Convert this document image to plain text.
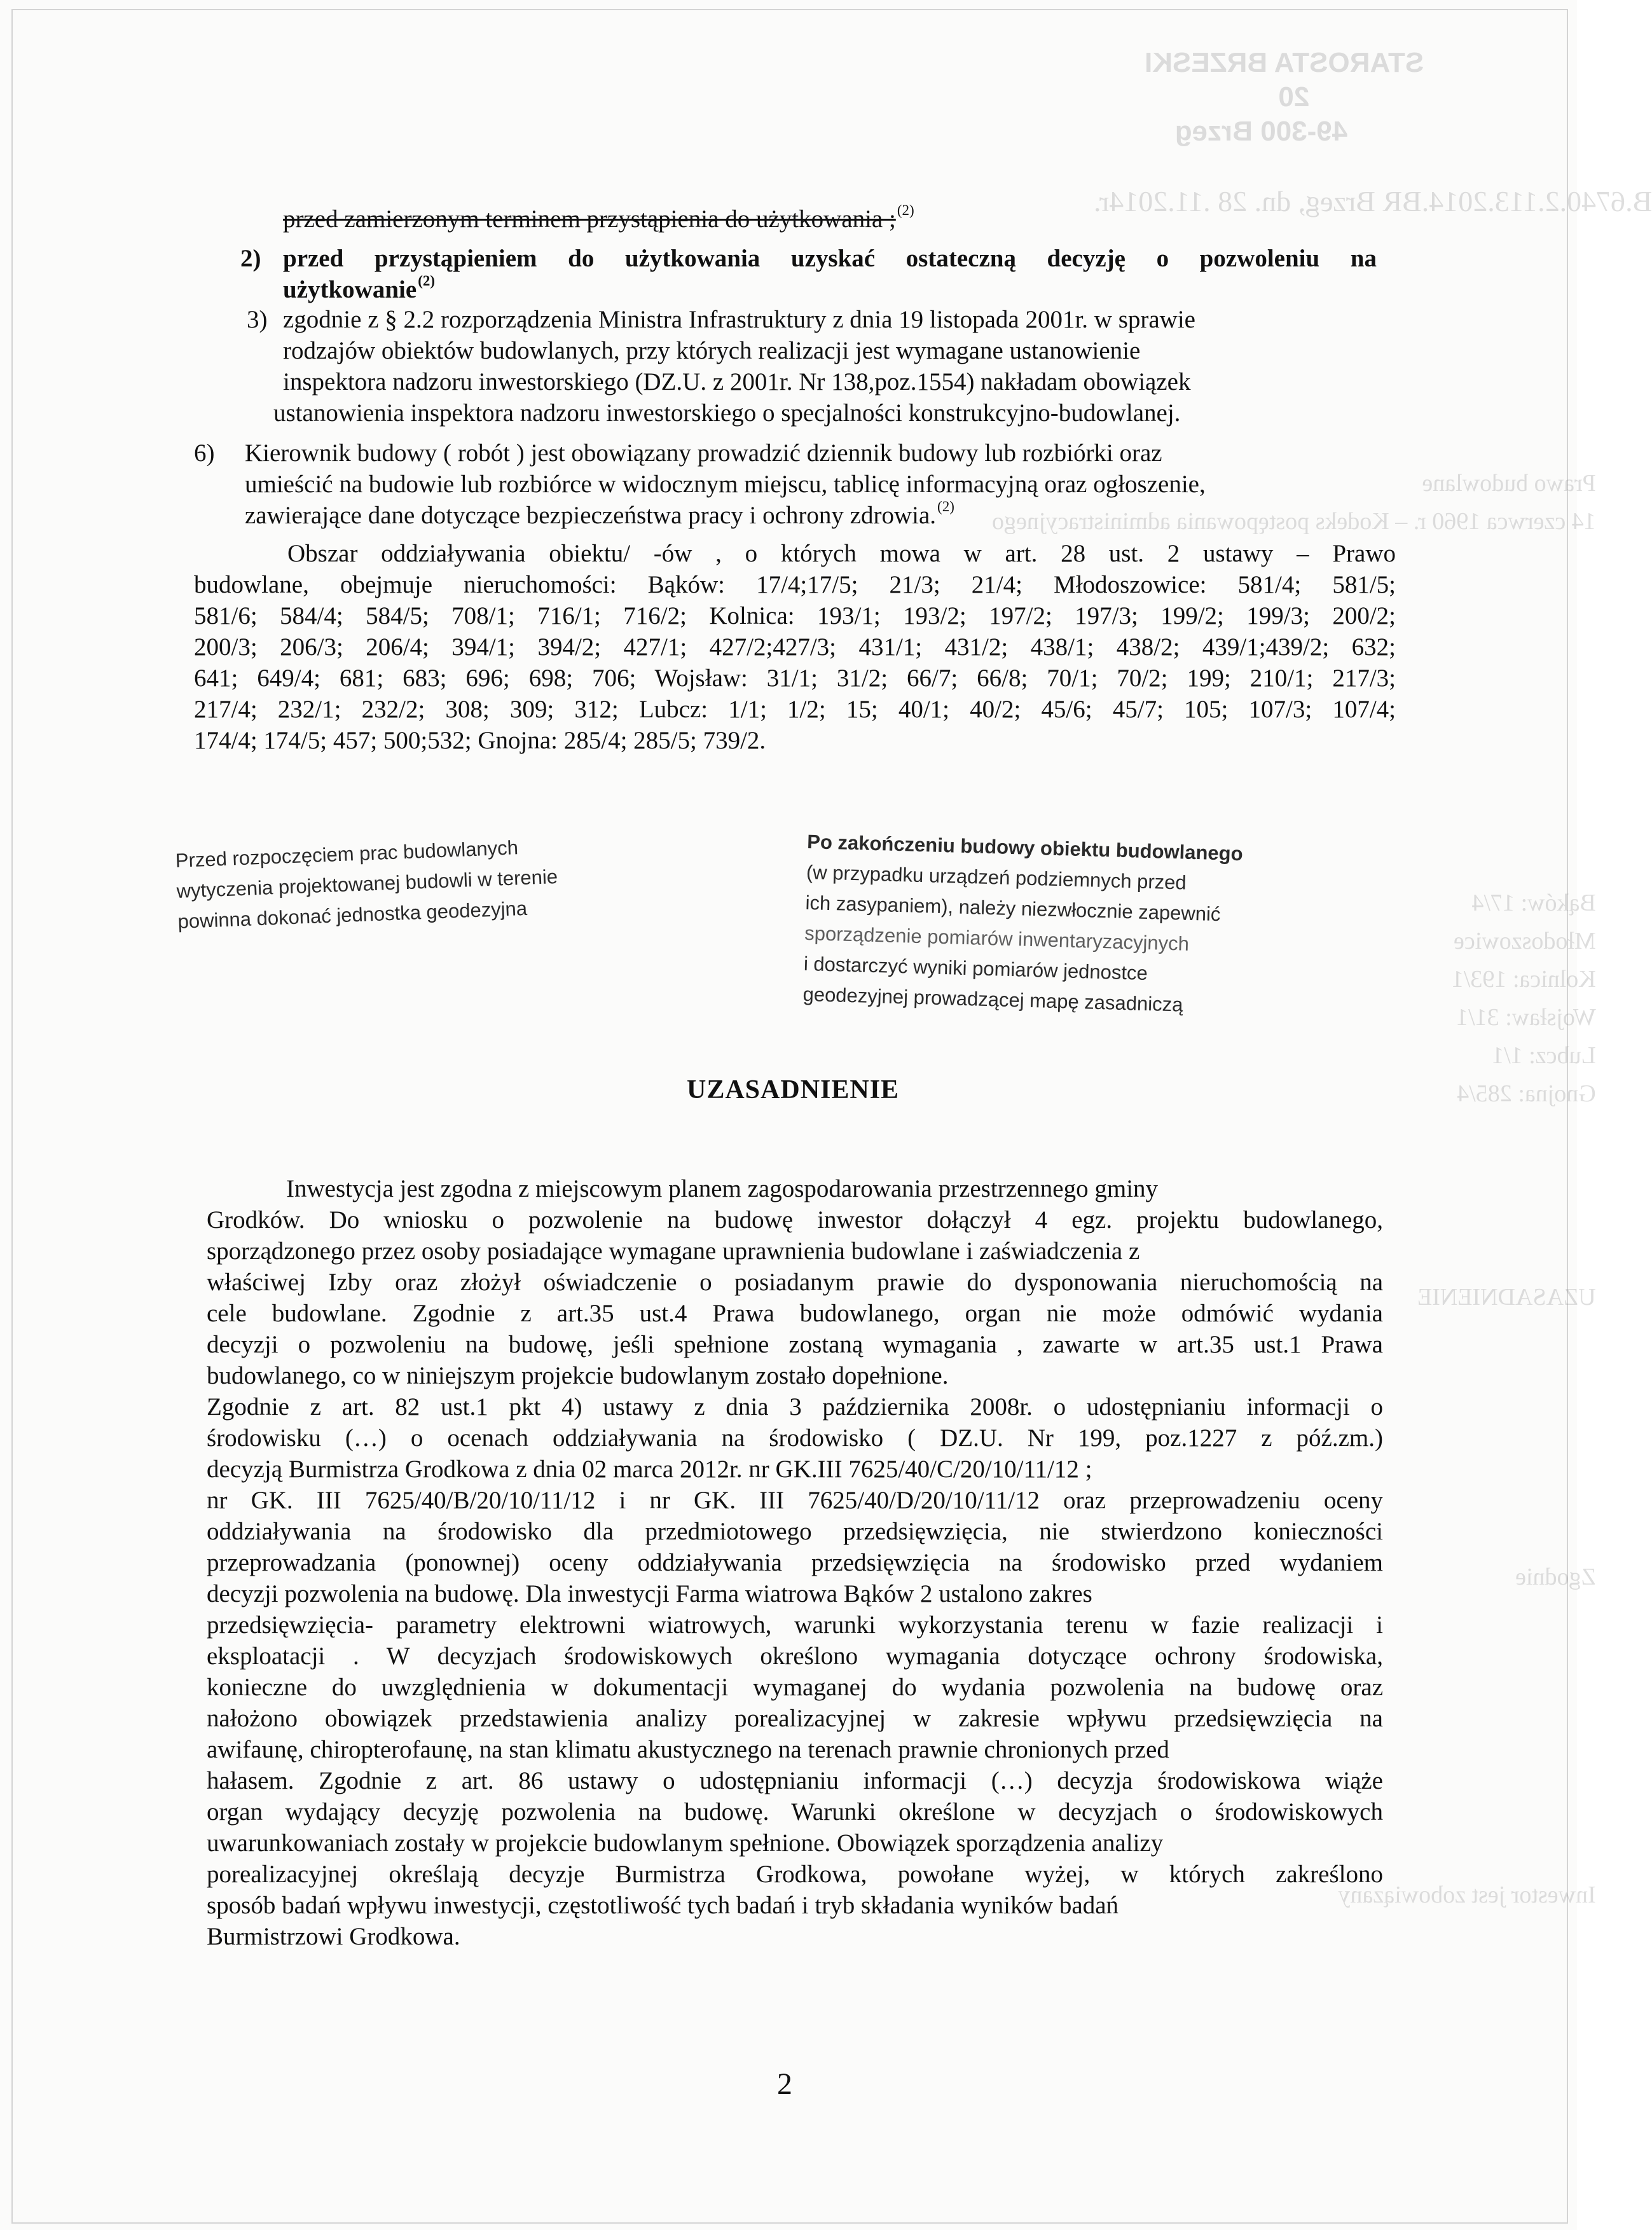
STAROSTA BRZESKI
20
49-300 Brzeg
B.6740.2.113.2014.BR Brzeg, dn. 28 .11.2014r.
Prawo budowlane
14 czerwca 1960 r. – Kodeks postępowania administracyjnego
Bąków: 17/4
Młodoszowice
Kolnica: 193/1
Wojsław: 31/1
Lubcz: 1/1
Gnojna: 285/4
UZASADNIENIE
Zgodnie
Inwestor jest zobowiązany
przed zamierzonym terminem przystąpienia do użytkowania ;$^{(2)}$
2) przed przystąpieniem do użytkowania uzyskać ostateczną decyzję o pozwoleniu na
użytkowanie$^{(2)}$
3) zgodnie z § 2.2 rozporządzenia Ministra Infrastruktury z dnia 19 listopada 2001r. w sprawie
rodzajów obiektów budowlanych, przy których realizacji jest wymagane ustanowienie
inspektora nadzoru inwestorskiego (DZ.U. z 2001r. Nr 138,poz.1554) nakładam obowiązek
ustanowienia inspektora nadzoru inwestorskiego o specjalności konstrukcyjno-budowlanej.
6)	Kierownik budowy ( robót ) jest obowiązany prowadzić dziennik budowy lub rozbiórki oraz
umieścić na budowie lub rozbiórce w widocznym miejscu, tablicę informacyjną oraz ogłoszenie,
zawierające dane dotyczące bezpieczeństwa pracy i ochrony zdrowia.$^{(2)}$
Obszar oddziaływania obiektu/ -ów , o których mowa w art. 28 ust. 2 ustawy – Prawo
budowlane, obejmuje nieruchomości: Bąków: 17/4;17/5; 21/3; 21/4; Młodoszowice: 581/4; 581/5;
581/6; 584/4; 584/5; 708/1; 716/1; 716/2; Kolnica: 193/1; 193/2; 197/2; 197/3; 199/2; 199/3; 200/2;
200/3; 206/3; 206/4; 394/1; 394/2; 427/1; 427/2;427/3; 431/1; 431/2; 438/1; 438/2; 439/1;439/2; 632;
641; 649/4; 681; 683; 696; 698; 706; Wojsław: 31/1; 31/2; 66/7; 66/8; 70/1; 70/2; 199; 210/1; 217/3;
217/4; 232/1; 232/2; 308; 309; 312; Lubcz: 1/1; 1/2; 15; 40/1; 40/2; 45/6; 45/7; 105; 107/3; 107/4;
174/4; 174/5; 457; 500;532; Gnojna: 285/4; 285/5; 739/2.
Przed rozpoczęciem prac budowlanych
wytyczenia projektowanej budowli w terenie
powinna dokonać jednostka geodezyjna
Po zakończeniu budowy obiektu budowlanego
(w przypadku urządzeń podziemnych przed
ich zasypaniem), należy niezwłocznie zapewnić
sporządzenie pomiarów inwentaryzacyjnych
i dostarczyć wyniki pomiarów jednostce
geodezyjnej prowadzącej mapę zasadniczą
UZASADNIENIE
Inwestycja jest zgodna z miejscowym planem zagospodarowania przestrzennego gminy
Grodków. Do wniosku o pozwolenie na budowę inwestor dołączył 4 egz. projektu budowlanego,
sporządzonego przez osoby posiadające wymagane uprawnienia budowlane i zaświadczenia z
właściwej Izby oraz złożył oświadczenie o posiadanym prawie do dysponowania nieruchomością na
cele budowlane. Zgodnie z art.35 ust.4 Prawa budowlanego, organ nie może odmówić wydania
decyzji o pozwoleniu na budowę, jeśli spełnione zostaną wymagania , zawarte w art.35 ust.1 Prawa
budowlanego, co w niniejszym projekcie budowlanym zostało dopełnione.
Zgodnie z art. 82 ust.1 pkt 4) ustawy z dnia 3 października 2008r. o udostępnianiu informacji o
środowisku (…) o ocenach oddziaływania na środowisko ( DZ.U. Nr 199, poz.1227 z póź.zm.)
decyzją Burmistrza Grodkowa z dnia 02 marca 2012r. nr GK.III 7625/40/C/20/10/11/12 ;
nr GK. III 7625/40/B/20/10/11/12 i nr GK. III 7625/40/D/20/10/11/12 oraz przeprowadzeniu oceny
oddziaływania na środowisko dla przedmiotowego przedsięwzięcia, nie stwierdzono konieczności
przeprowadzania (ponownej) oceny oddziaływania przedsięwzięcia na środowisko przed wydaniem
decyzji pozwolenia na budowę. Dla inwestycji Farma wiatrowa Bąków 2 ustalono zakres
przedsięwzięcia- parametry elektrowni wiatrowych, warunki wykorzystania terenu w fazie realizacji i
eksploatacji . W decyzjach środowiskowych określono wymagania dotyczące ochrony środowiska,
konieczne do uwzględnienia w dokumentacji wymaganej do wydania pozwolenia na budowę oraz
nałożono obowiązek przedstawienia analizy porealizacyjnej w zakresie wpływu przedsięwzięcia na
awifaunę, chiropterofaunę, na stan klimatu akustycznego na terenach prawnie chronionych przed
hałasem. Zgodnie z art. 86 ustawy o udostępnianiu informacji (…) decyzja środowiskowa wiąże
organ wydający decyzję pozwolenia na budowę. Warunki określone w decyzjach o środowiskowych
uwarunkowaniach zostały w projekcie budowlanym spełnione. Obowiązek sporządzenia analizy
porealizacyjnej określają decyzje Burmistrza Grodkowa, powołane wyżej, w których zakreślono
sposób badań wpływu inwestycji, częstotliwość tych badań i tryb składania wyników badań
Burmistrzowi Grodkowa.
2
